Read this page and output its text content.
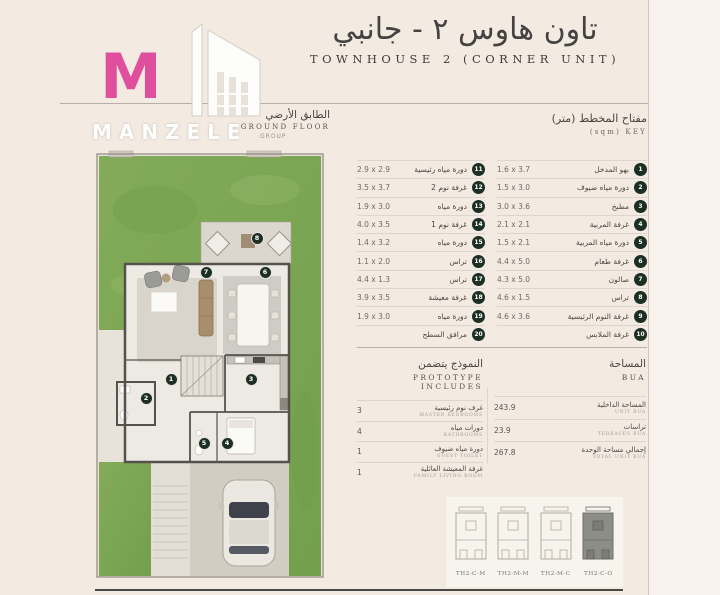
M
MANZELE GROUP
تاون هاوس ٢ - جانبي
TOWNHOUSE 2 (CORNER UNIT)
الطابق الأرضي
GROUND FLOOR
1
2
3
4
5
6
7
8
مفتاح المخطط (متر)
(sqm) KEY
2.9 x 2.9	دورة مياه رئيسية	11
3.5 x 3.7	غرفة نوم 2	12
1.9 x 3.0	دورة مياه	13
4.0 x 3.5	غرفة نوم 1	14
1.4 x 3.2	دورة مياه	15
1.1 x 2.0	تراس	16
4.4 x 1.3	تراس	17
3.9 x 3.5	غرفة معيشة	18
1.9 x 3.0	دورة مياه	19
مرافق السطح	20
1.6 x 3.7	بهو المدخل	1
1.5 x 3.0	دورة مياه ضيوف	2
3.0 x 3.6	مطبخ	3
2.1 x 2.1	غرفة المربية	4
1.5 x 2.1	دورة مياه المربية	5
4.4 x 5.0	غرفة طعام	6
4.3 x 5.0	صالون	7
4.6 x 1.5	تراس	8
4.6 x 3.6	غرفة النوم الرئيسية	9
غرفة الملابس	10
النموذج يتضمن
PROTOTYPE INCLUDES
3	غرف نوم رئيسية
MASTER BEDROOMS
4	دورات مياه
BATHROOMS
1	دورة مياه ضيوف
GUEST TOILET
1	غرفة المعيشة العائلية
FAMILY LIVING ROOM
المساحة
BUA
243.9	المساحة الداخلية
UNIT BUA
23.9	تراسات
TERRACES BUA
267.8	إجمالي مساحة الوحدة
TOTAL UNIT BUA
TH2-C-M	TH2-M-M	TH2-M-C	TH2-C-O
